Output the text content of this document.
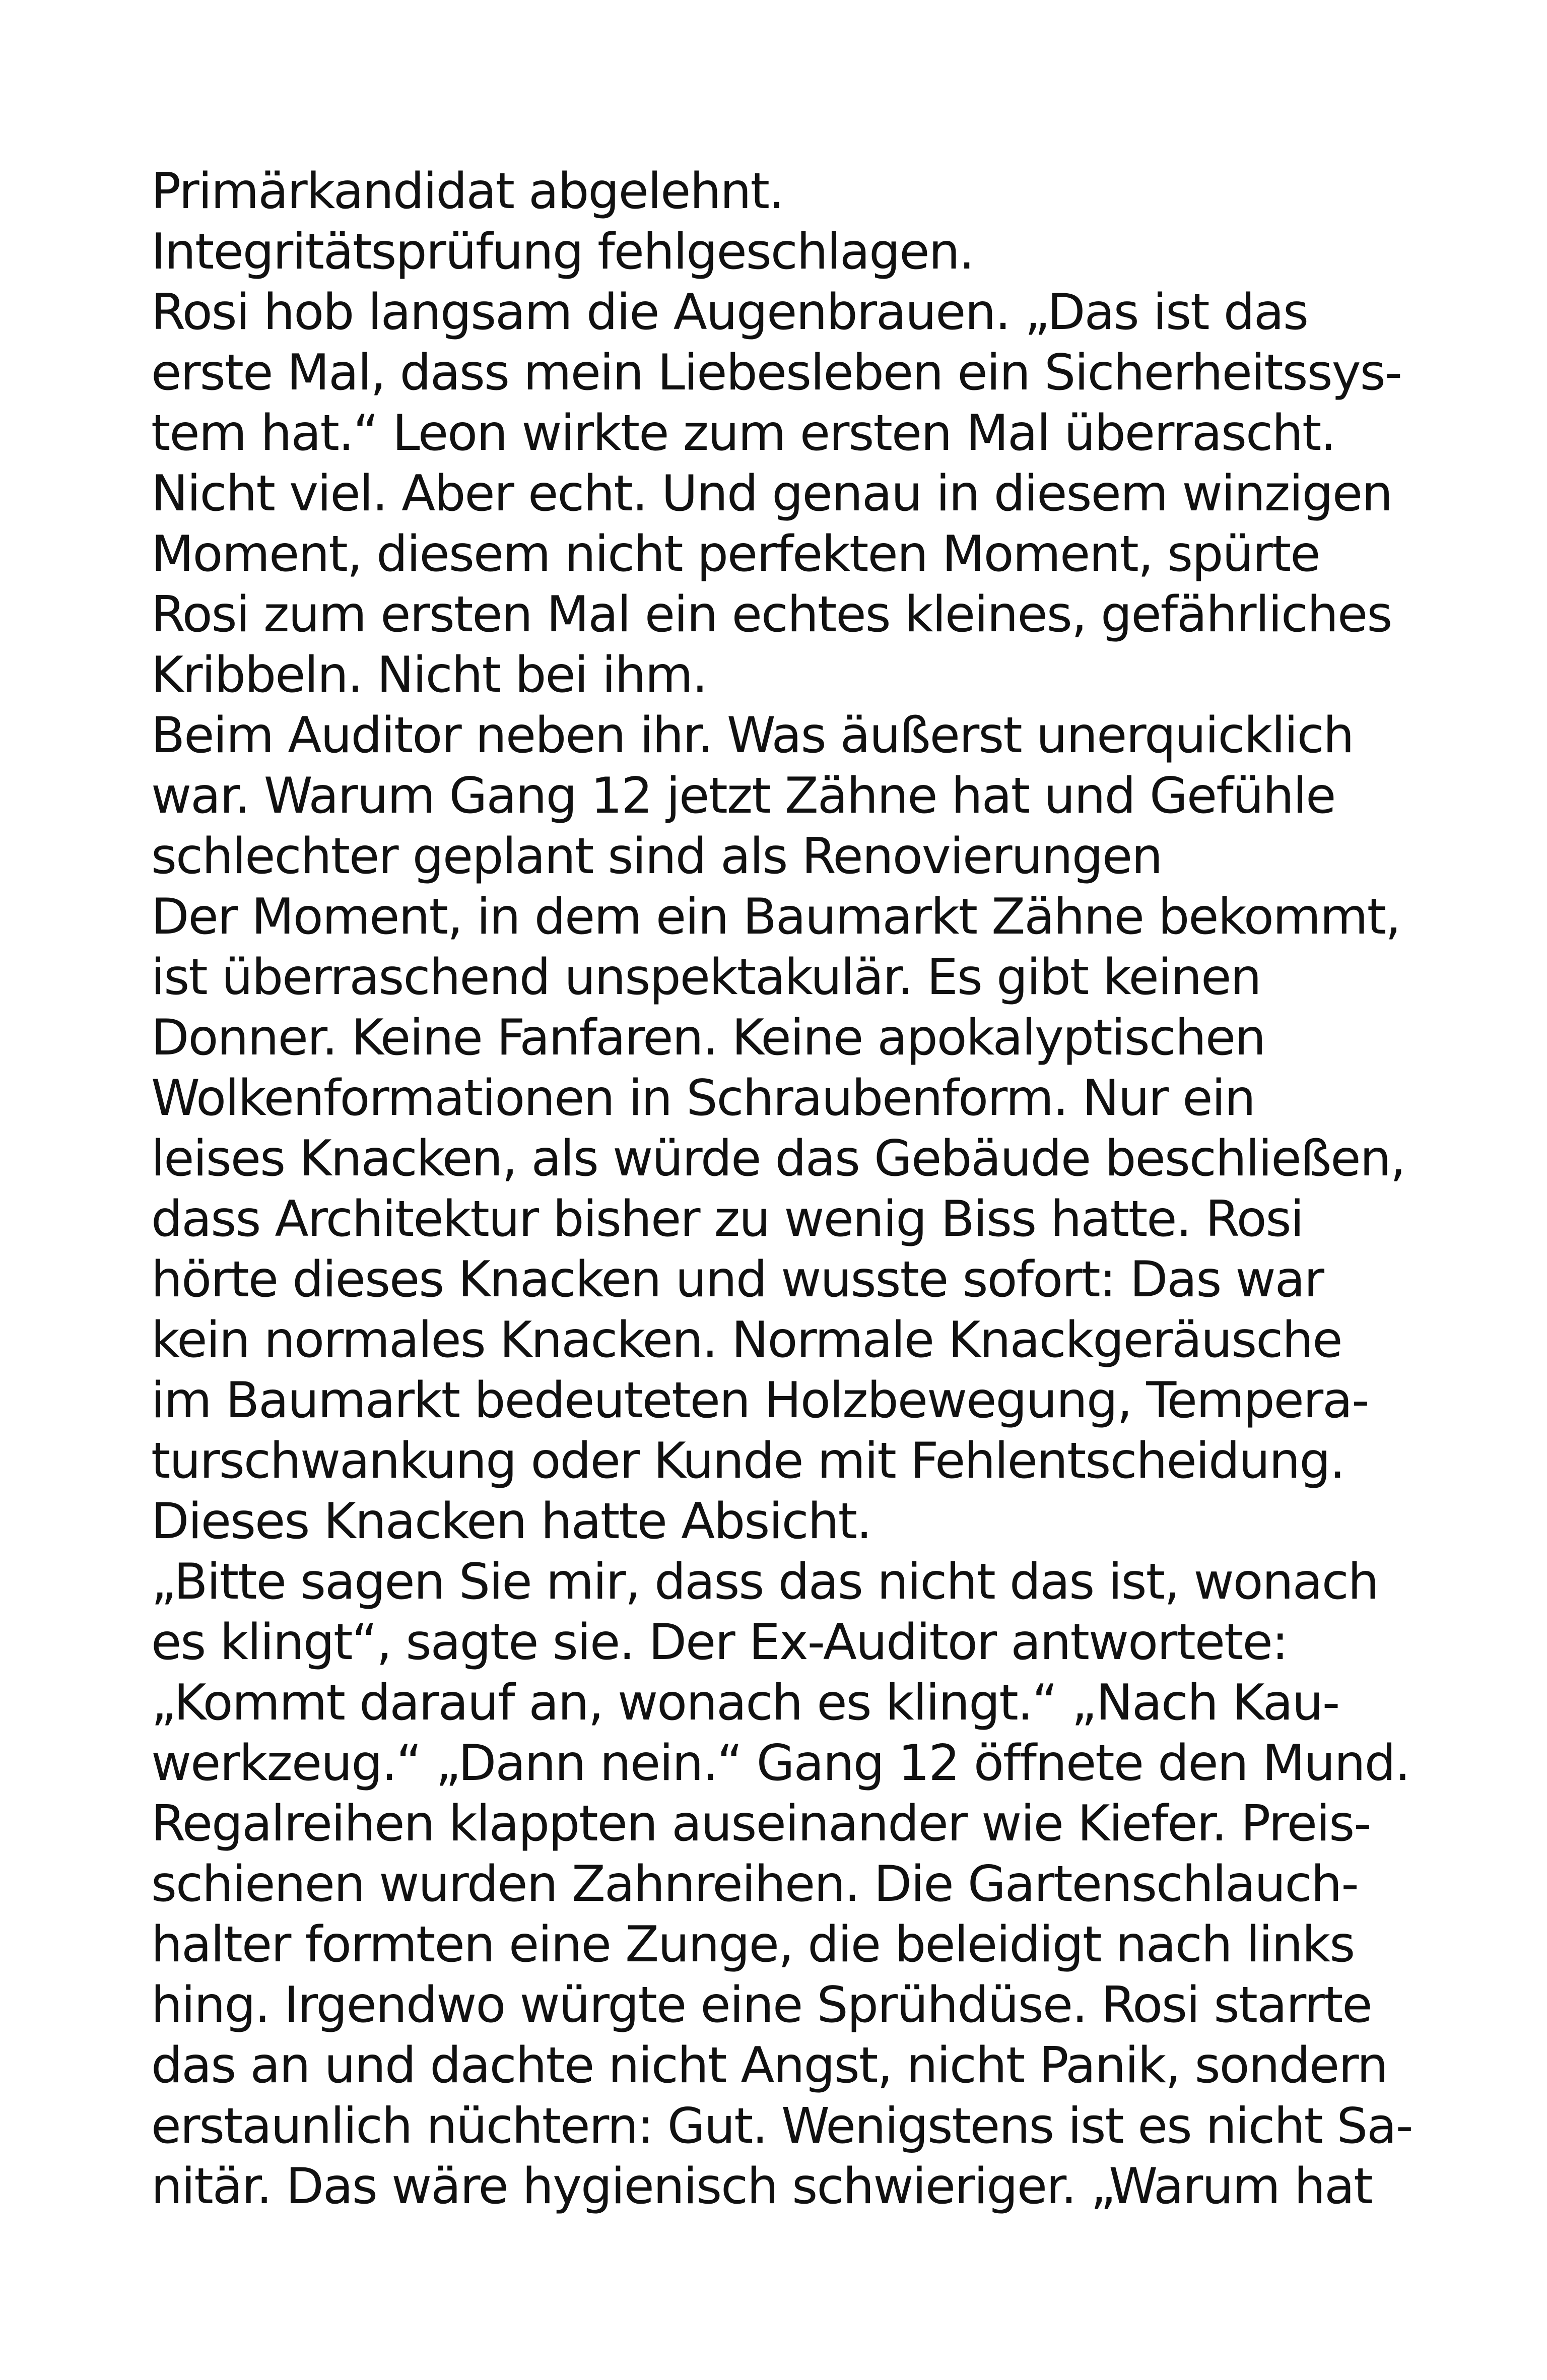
Primärkandidat abgelehnt.
Integritätsprüfung fehlgeschlagen.
Rosi hob langsam die Augenbrauen. „Das ist das
erste Mal, dass mein Liebesleben ein Sicherheitssys-
tem hat.“ Leon wirkte zum ersten Mal überrascht.
Nicht viel. Aber echt. Und genau in diesem winzigen
Moment, diesem nicht perfekten Moment, spürte
Rosi zum ersten Mal ein echtes kleines, gefährliches
Kribbeln. Nicht bei ihm.
Beim Auditor neben ihr. Was äußerst unerquicklich
war. Warum Gang 12 jetzt Zähne hat und Gefühle
schlechter geplant sind als Renovierungen
Der Moment, in dem ein Baumarkt Zähne bekommt,
ist überraschend unspektakulär. Es gibt keinen
Donner. Keine Fanfaren. Keine apokalyptischen
Wolkenformationen in Schraubenform. Nur ein
leises Knacken, als würde das Gebäude beschließen,
dass Architektur bisher zu wenig Biss hatte. Rosi
hörte dieses Knacken und wusste sofort: Das war
kein normales Knacken. Normale Knackgeräusche
im Baumarkt bedeuteten Holzbewegung, Tempera-
turschwankung oder Kunde mit Fehlentscheidung.
Dieses Knacken hatte Absicht.
„Bitte sagen Sie mir, dass das nicht das ist, wonach
es klingt“, sagte sie. Der Ex-Auditor antwortete:
„Kommt darauf an, wonach es klingt.“ „Nach Kau-
werkzeug.“ „Dann nein.“ Gang 12 öffnete den Mund.
Regalreihen klappten auseinander wie Kiefer. Preis-
schienen wurden Zahnreihen. Die Gartenschlauch-
halter formten eine Zunge, die beleidigt nach links
hing. Irgendwo würgte eine Sprühdüse. Rosi starrte
das an und dachte nicht Angst, nicht Panik, sondern
erstaunlich nüchtern: Gut. Wenigstens ist es nicht Sa-
nitär. Das wäre hygienisch schwieriger. „Warum hat
